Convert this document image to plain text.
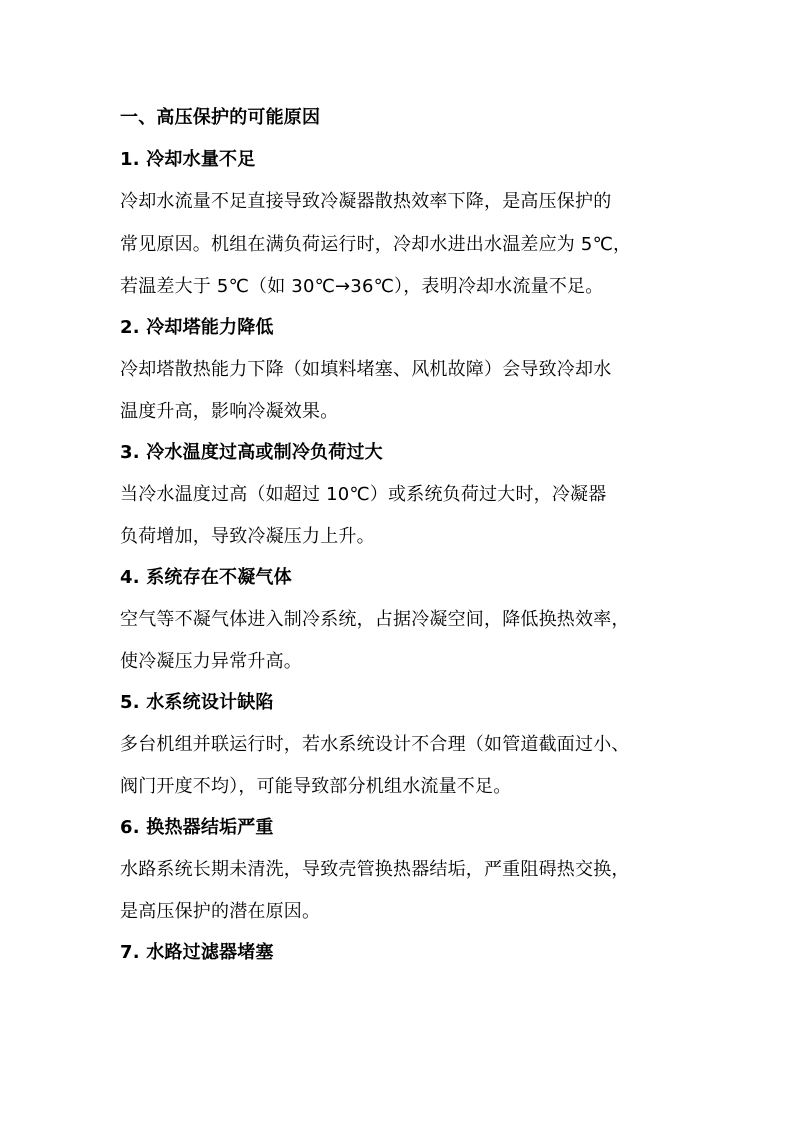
一、高压保护的可能原因
1. 冷却水量不足
冷却水流量不足直接导致冷凝器散热效率下降，是高压保护的
常见原因。机组在满负荷运行时，冷却水进出水温差应为 5℃，
若温差大于 5℃（如 30℃→36℃），表明冷却水流量不足。
2. 冷却塔能力降低
冷却塔散热能力下降（如填料堵塞、风机故障）会导致冷却水
温度升高，影响冷凝效果。
3. 冷水温度过高或制冷负荷过大
当冷水温度过高（如超过 10℃）或系统负荷过大时，冷凝器
负荷增加，导致冷凝压力上升。
4. 系统存在不凝气体
空气等不凝气体进入制冷系统，占据冷凝空间，降低换热效率，
使冷凝压力异常升高。
5. 水系统设计缺陷
多台机组并联运行时，若水系统设计不合理（如管道截面过小、
阀门开度不均），可能导致部分机组水流量不足。
6. 换热器结垢严重
水路系统长期未清洗，导致壳管换热器结垢，严重阻碍热交换，
是高压保护的潜在原因。
7. 水路过滤器堵塞
